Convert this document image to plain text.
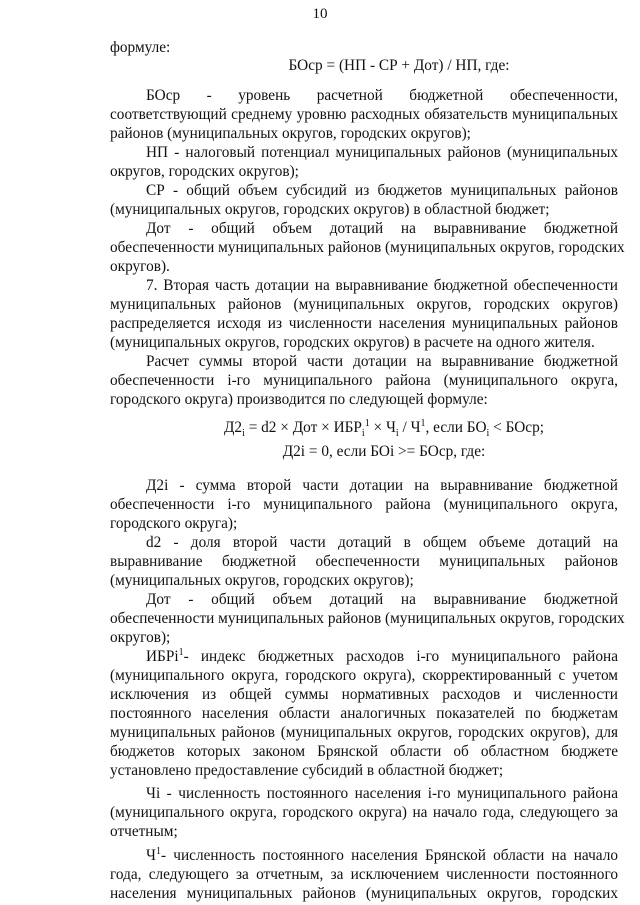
10
формуле:
БОср = (НП - СР + Дот) / НП, где:
БОср - уровень расчетной бюджетной обеспеченности,
соответствующий среднему уровню расходных обязательств муниципальных
районов (муниципальных округов, городских округов);
НП - налоговый потенциал муниципальных районов (муниципальных
округов, городских округов);
СР - общий объем субсидий из бюджетов муниципальных районов
(муниципальных округов, городских округов) в областной бюджет;
Дот - общий объем дотаций на выравнивание бюджетной
обеспеченности муниципальных районов (муниципальных округов, городских
округов).
7. Вторая часть дотации на выравнивание бюджетной обеспеченности
муниципальных районов (муниципальных округов, городских округов)
распределяется исходя из численности населения муниципальных районов
(муниципальных округов, городских округов) в расчете на одного жителя.
Расчет суммы второй части дотации на выравнивание бюджетной
обеспеченности i-го муниципального района (муниципального округа,
городского округа) производится по следующей формуле:
$Д2_i = d2$ × Дот × $ИБР_i^1 \times Ч_i / Ч^1$, если $БО_i$ < БОср;
Д2i = 0, если БОi >= БОср, где:
Д2i - сумма второй части дотации на выравнивание бюджетной
обеспеченности i-го муниципального района (муниципального округа,
городского округа);
d2 - доля второй части дотаций в общем объеме дотаций на
выравнивание бюджетной обеспеченности муниципальных районов
(муниципальных округов, городских округов);
Дот - общий объем дотаций на выравнивание бюджетной
обеспеченности муниципальных районов (муниципальных округов, городских
округов);
ИБРi$^1$ - индекс бюджетных расходов i-го муниципального района
(муниципального округа, городского округа), скорректированный с учетом
исключения из общей суммы нормативных расходов и численности
постоянного населения области аналогичных показателей по бюджетам
муниципальных районов (муниципальных округов, городских округов), для
бюджетов которых законом Брянской области об областном бюджете
установлено предоставление субсидий в областной бюджет;
Чi - численность постоянного населения i-го муниципального района
(муниципального округа, городского округа) на начало года, следующего за
отчетным;
$Ч^1$ - численность постоянного населения Брянской области на начало
года, следующего за отчетным, за исключением численности постоянного
населения муниципальных районов (муниципальных округов, городских
